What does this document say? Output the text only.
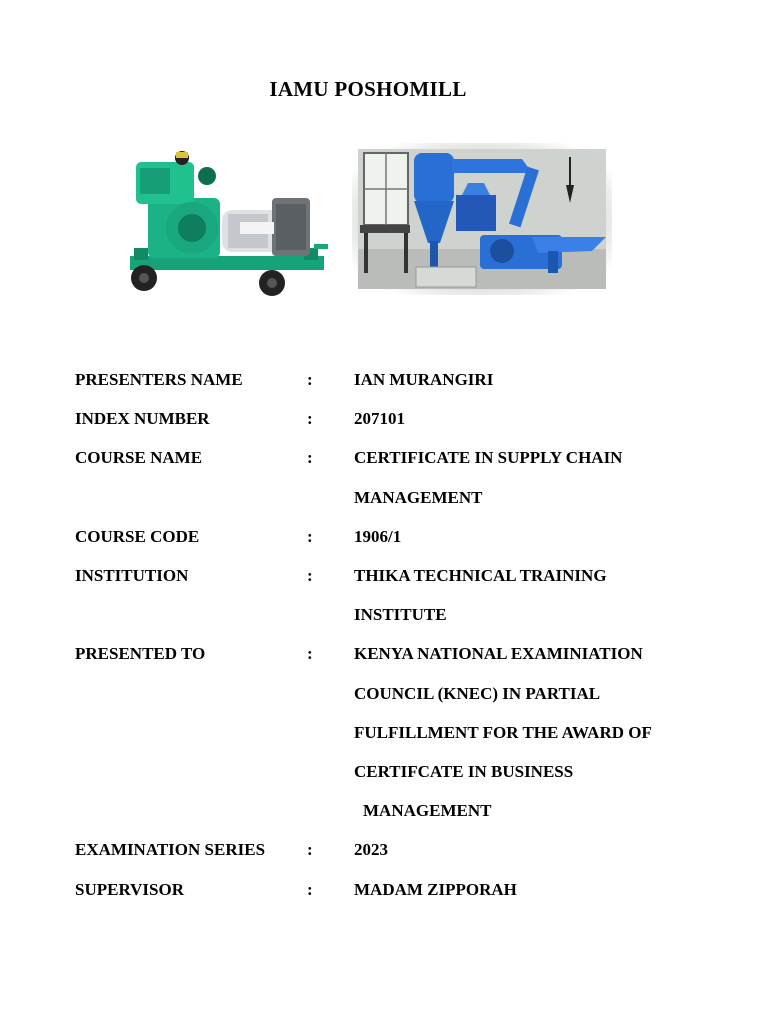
IAMU POSHOMILL
PRESENTERS NAME	: IAN MURANGIRI
INDEX NUMBER	: 207101
COURSE NAME	: CERTIFICATE IN SUPPLY CHAIN
MANAGEMENT
COURSE CODE	: 1906/1
INSTITUTION	: THIKA TECHNICAL TRAINING
INSTITUTE
PRESENTED TO	: KENYA NATIONAL EXAMINIATION
COUNCIL (KNEC) IN PARTIAL
FULFILLMENT FOR THE AWARD OF
CERTIFCATE IN BUSINESS
MANAGEMENT
EXAMINATION SERIES : 2023
SUPERVISOR	: MADAM ZIPPORAH
